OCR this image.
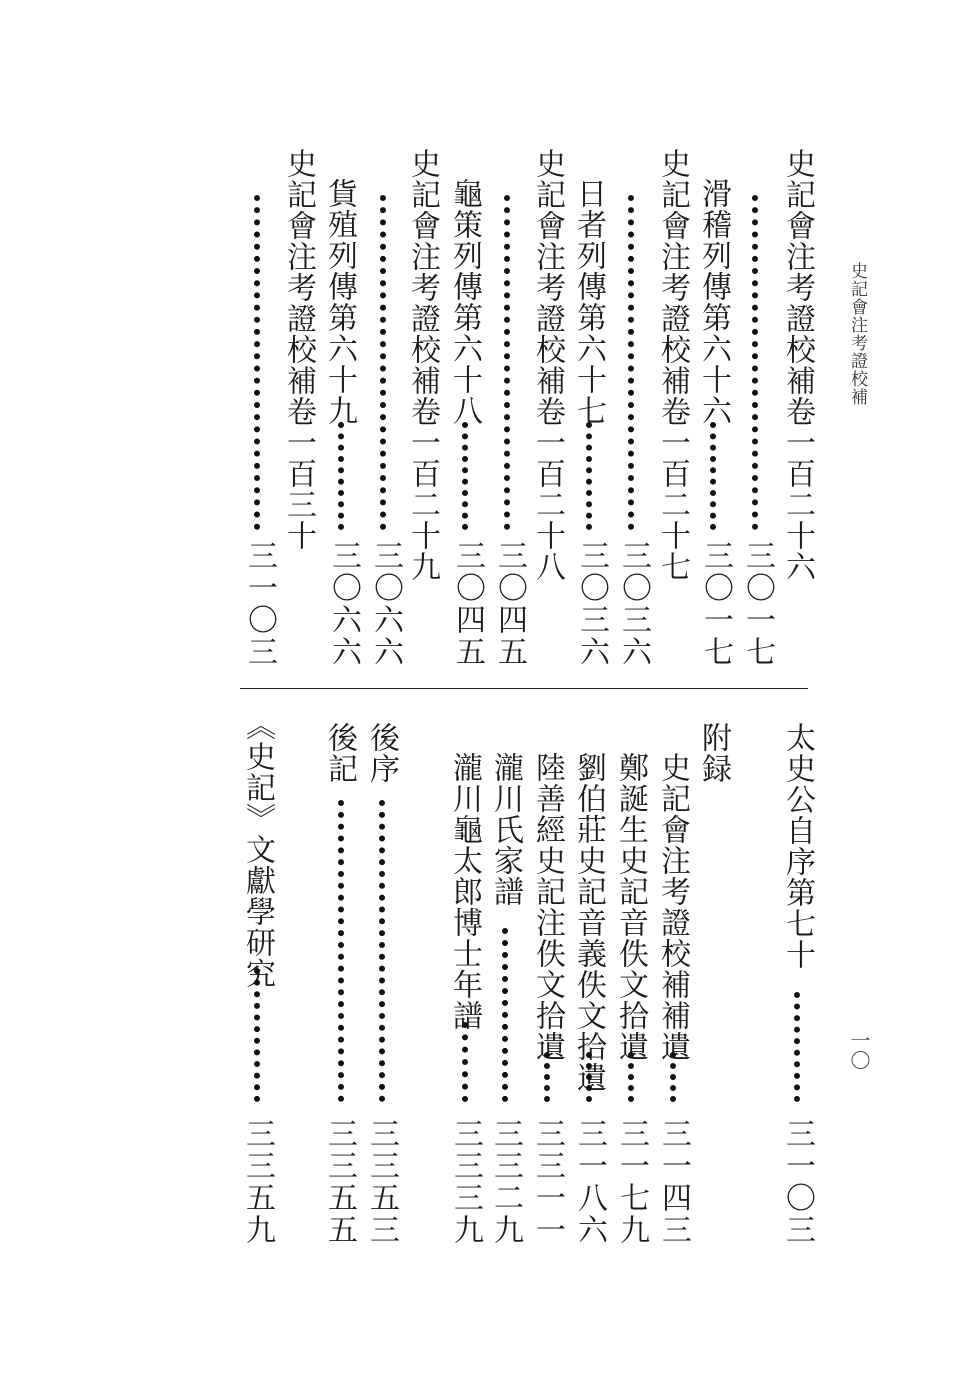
史記會注考證校補
一〇
史記會注考證校補卷一百二十六
三〇一七
滑稽列傳第六十六
三〇一七
史記會注考證校補卷一百二十七
三〇三六
日者列傳第六十七
三〇三六
史記會注考證校補卷一百二十八
三〇四五
龜策列傳第六十八
三〇四五
史記會注考證校補卷一百二十九
三〇六六
貨殖列傳第六十九
三〇六六
史記會注考證校補卷一百三十
三一〇三
太史公自序第七十
三一〇三
附録
史記會注考證校補補遺
三一四三
鄭誕生史記音佚文拾遺
三一七九
劉伯莊史記音義佚文拾遺
三一八六
陸善經史記注佚文拾遺
三三一一
瀧川氏家譜
三三二九
瀧川龜太郎博士年譜
三三三九
後序
三三五三
後記
三三五五
《史記》文獻學研究
三三五九
